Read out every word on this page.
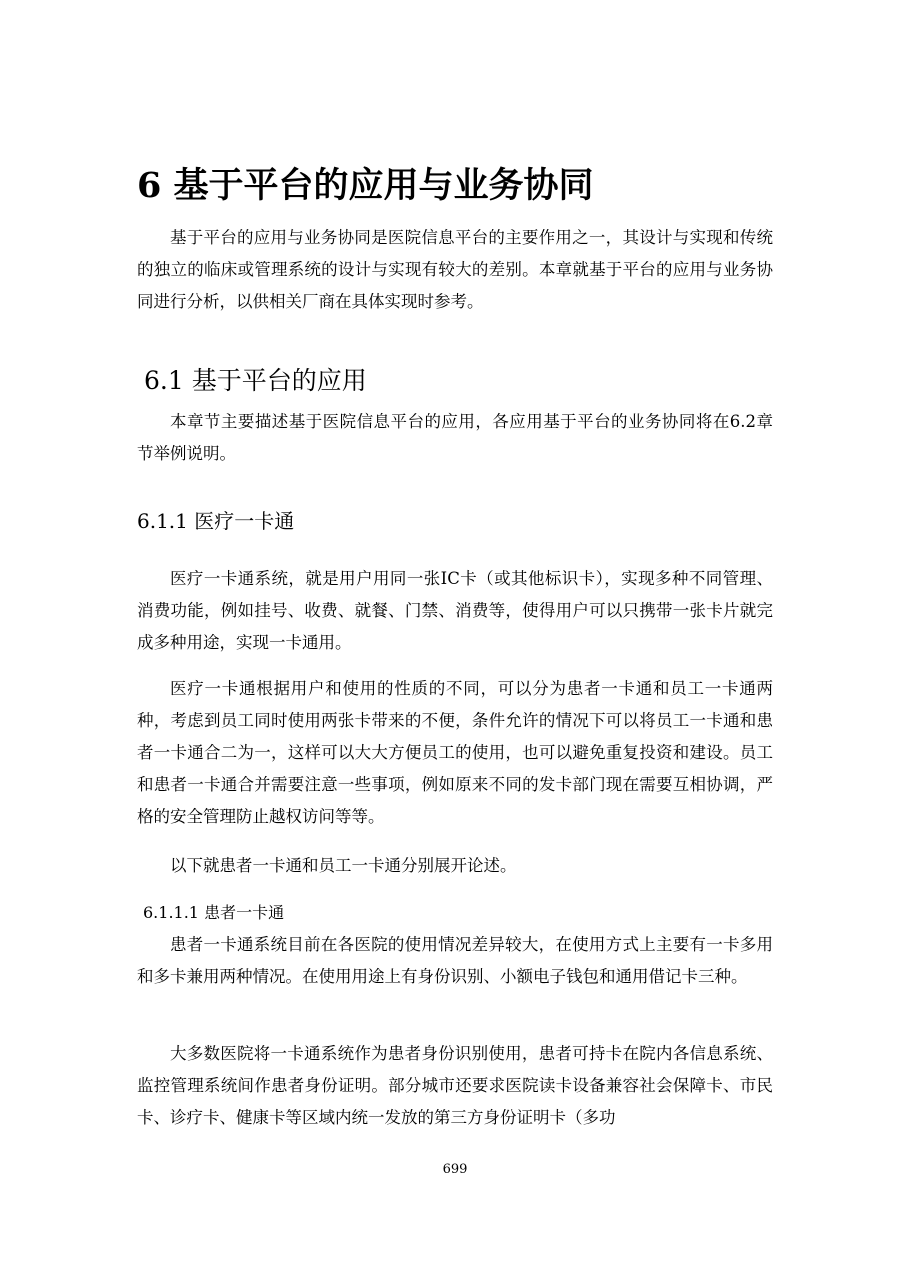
6 基于平台的应用与业务协同

基于平台的应用与业务协同是医院信息平台的主要作用之一，其设计与实现和传统的独立的临床或管理系统的设计与实现有较大的差别。本章就基于平台的应用与业务协同进行分析，以供相关厂商在具体实现时参考。

6.1 基于平台的应用

本章节主要描述基于医院信息平台的应用，各应用基于平台的业务协同将在6.2章节举例说明。

6.1.1 医疗一卡通

医疗一卡通系统，就是用户用同一张IC卡（或其他标识卡），实现多种不同管理、消费功能，例如挂号、收费、就餐、门禁、消费等，使得用户可以只携带一张卡片就完成多种用途，实现一卡通用。

医疗一卡通根据用户和使用的性质的不同，可以分为患者一卡通和员工一卡通两种，考虑到员工同时使用两张卡带来的不便，条件允许的情况下可以将员工一卡通和患者一卡通合二为一，这样可以大大方便员工的使用，也可以避免重复投资和建设。员工和患者一卡通合并需要注意一些事项，例如原来不同的发卡部门现在需要互相协调，严格的安全管理防止越权访问等等。

以下就患者一卡通和员工一卡通分别展开论述。

6.1.1.1 患者一卡通

患者一卡通系统目前在各医院的使用情况差异较大，在使用方式上主要有一卡多用和多卡兼用两种情况。在使用用途上有身份识别、小额电子钱包和通用借记卡三种。

大多数医院将一卡通系统作为患者身份识别使用，患者可持卡在院内各信息系统、监控管理系统间作患者身份证明。部分城市还要求医院读卡设备兼容社会保障卡、市民卡、诊疗卡、健康卡等区域内统一发放的第三方身份证明卡（多功

699
